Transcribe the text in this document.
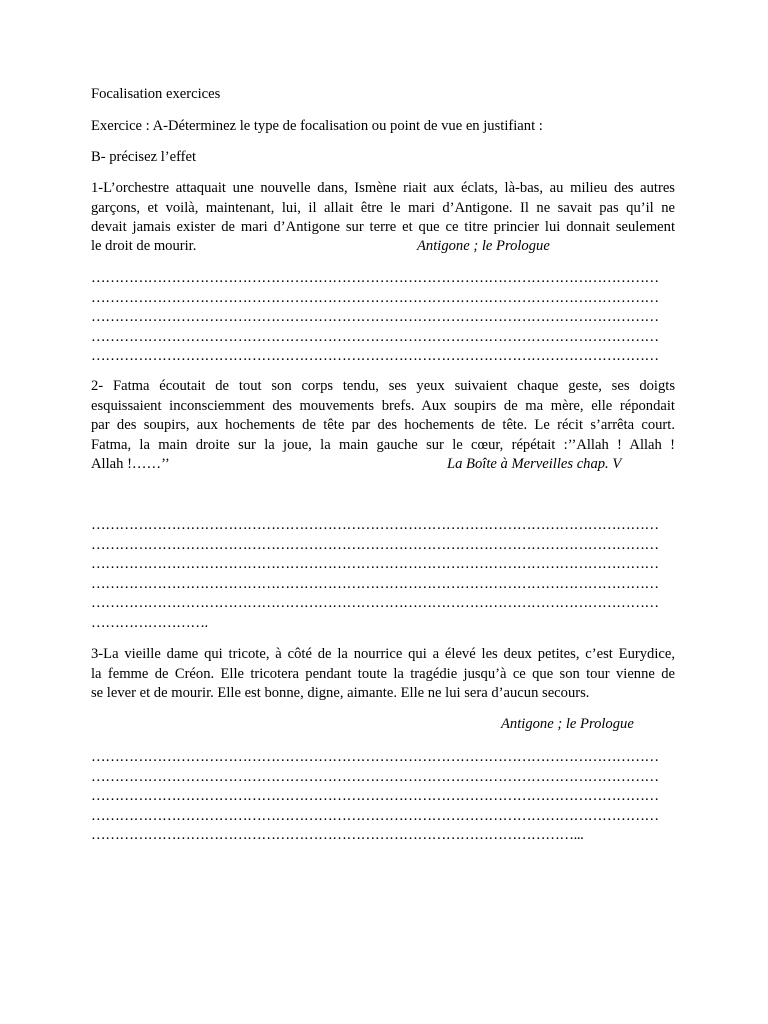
Focalisation exercices
Exercice : A-Déterminez le type de focalisation ou point de vue en justifiant :
B- précisez l’effet

1-L’orchestre attaquait une nouvelle dans, Ismène riait aux éclats, là-bas, au milieu des autres

garçons, et voilà, maintenant, lui, il allait être le mari d’Antigone. Il ne savait pas qu’il ne

devait jamais exister de mari d’Antigone sur terre et que ce titre princier lui donnait seulement

le droit de mourir.	Antigone ; le Prologue
…………………………………………………………………………………………………………
…………………………………………………………………………………………………………
…………………………………………………………………………………………………………
…………………………………………………………………………………………………………
…………………………………………………………………………………………………………

2- Fatma écoutait de tout son corps tendu, ses yeux suivaient chaque geste, ses doigts

esquissaient inconsciemment des mouvements brefs. Aux soupirs de ma mère, elle répondait

par des soupirs, aux hochements de tête par des hochements de tête. Le récit s’arrêta court.

Fatma, la main droite sur la joue, la main gauche sur le cœur, répétait :’’Allah ! Allah !

Allah !……’’	La Boîte à Merveilles chap. V
…………………………………………………………………………………………………………
…………………………………………………………………………………………………………
…………………………………………………………………………………………………………
…………………………………………………………………………………………………………
…………………………………………………………………………………………………………
…………………….

3-La vieille dame qui tricote, à côté de la nourrice qui a élevé les deux petites, c’est Eurydice,

la femme de Créon. Elle tricotera pendant toute la tragédie jusqu’à ce que son tour vienne de

se lever et de mourir. Elle est bonne, digne, aimante. Elle ne lui sera d’aucun secours.

Antigone ; le Prologue
…………………………………………………………………………………………………………
…………………………………………………………………………………………………………
…………………………………………………………………………………………………………
…………………………………………………………………………………………………………
…………………………………………………………………………………………...
